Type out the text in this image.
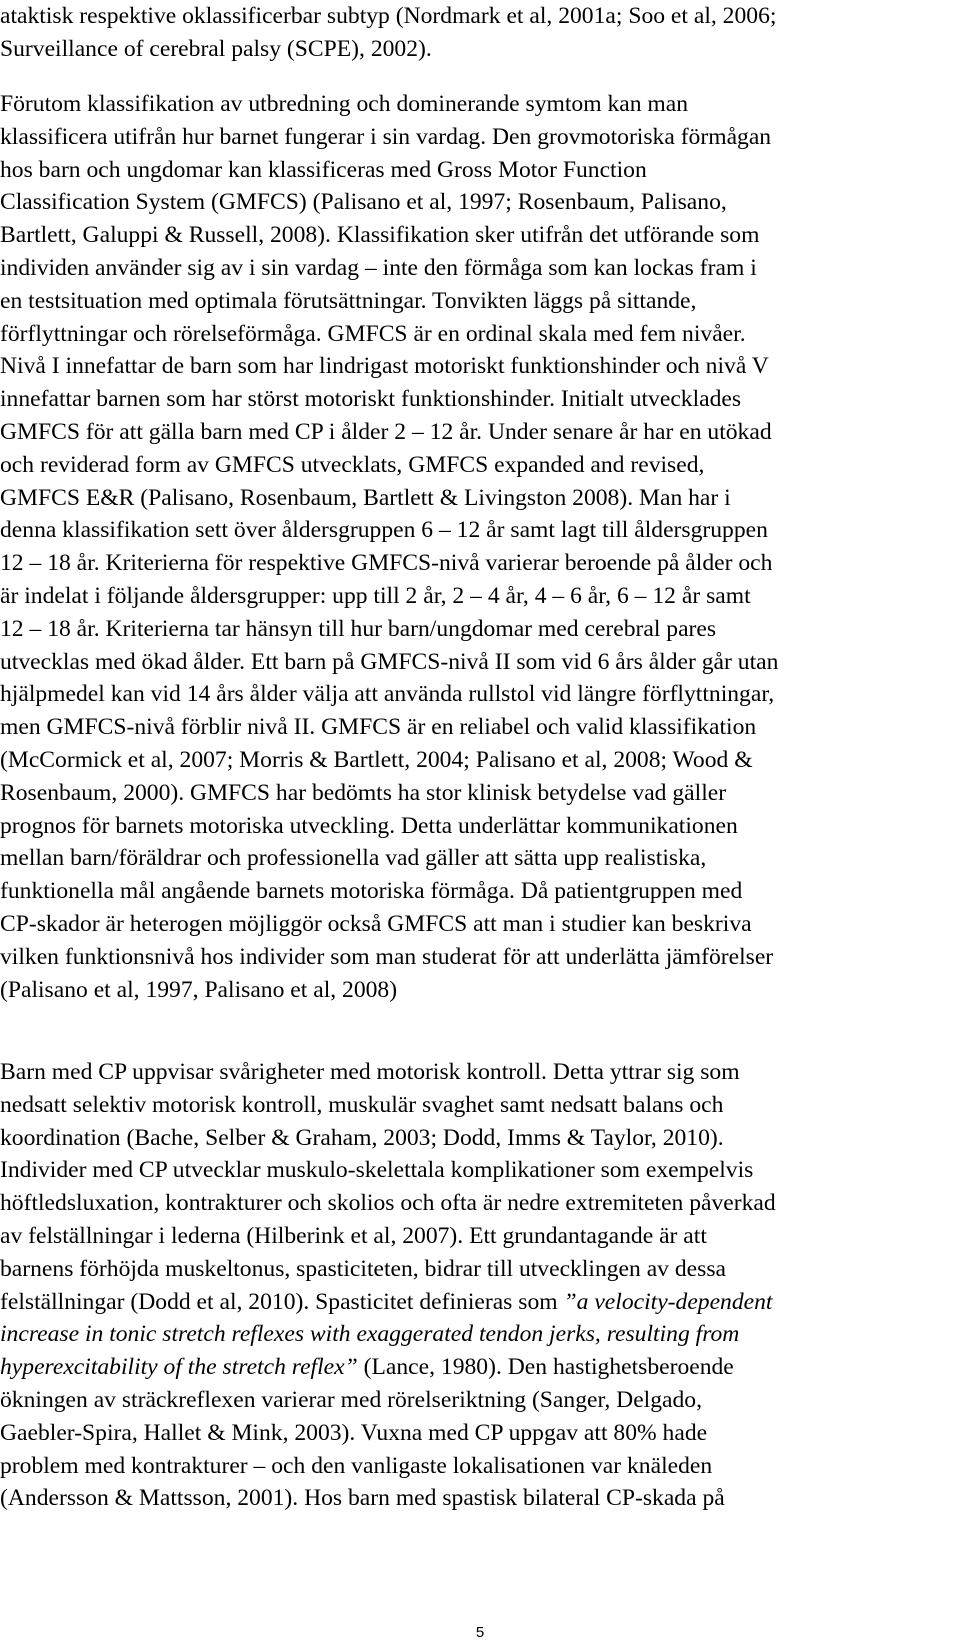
ataktisk respektive oklassificerbar subtyp (Nordmark et al, 2001a; Soo et al, 2006;
Surveillance of cerebral palsy (SCPE), 2002).
Förutom klassifikation av utbredning och dominerande symtom kan man
klassificera utifrån hur barnet fungerar i sin vardag. Den grovmotoriska förmågan
hos barn och ungdomar kan klassificeras med Gross Motor Function
Classification System (GMFCS) (Palisano et al, 1997; Rosenbaum, Palisano,
Bartlett, Galuppi & Russell, 2008). Klassifikation sker utifrån det utförande som
individen använder sig av i sin vardag – inte den förmåga som kan lockas fram i
en testsituation med optimala förutsättningar. Tonvikten läggs på sittande,
förflyttningar och rörelseförmåga. GMFCS är en ordinal skala med fem nivåer.
Nivå I innefattar de barn som har lindrigast motoriskt funktionshinder och nivå V
innefattar barnen som har störst motoriskt funktionshinder. Initialt utvecklades
GMFCS för att gälla barn med CP i ålder 2 – 12 år. Under senare år har en utökad
och reviderad form av GMFCS utvecklats, GMFCS expanded and revised,
GMFCS E&R (Palisano, Rosenbaum, Bartlett & Livingston 2008). Man har i
denna klassifikation sett över åldersgruppen 6 – 12 år samt lagt till åldersgruppen
12 – 18 år. Kriterierna för respektive GMFCS-nivå varierar beroende på ålder och
är indelat i följande åldersgrupper: upp till 2 år, 2 – 4 år, 4 – 6 år, 6 – 12 år samt
12 – 18 år. Kriterierna tar hänsyn till hur barn/ungdomar med cerebral pares
utvecklas med ökad ålder. Ett barn på GMFCS-nivå II som vid 6 års ålder går utan
hjälpmedel kan vid 14 års ålder välja att använda rullstol vid längre förflyttningar,
men GMFCS-nivå förblir nivå II. GMFCS är en reliabel och valid klassifikation
(McCormick et al, 2007; Morris & Bartlett, 2004; Palisano et al, 2008; Wood &
Rosenbaum, 2000). GMFCS har bedömts ha stor klinisk betydelse vad gäller
prognos för barnets motoriska utveckling. Detta underlättar kommunikationen
mellan barn/föräldrar och professionella vad gäller att sätta upp realistiska,
funktionella mål angående barnets motoriska förmåga. Då patientgruppen med
CP-skador är heterogen möjliggör också GMFCS att man i studier kan beskriva
vilken funktionsnivå hos individer som man studerat för att underlätta jämförelser
(Palisano et al, 1997, Palisano et al, 2008)
Barn med CP uppvisar svårigheter med motorisk kontroll. Detta yttrar sig som
nedsatt selektiv motorisk kontroll, muskulär svaghet samt nedsatt balans och
koordination (Bache, Selber & Graham, 2003; Dodd, Imms & Taylor, 2010).
Individer med CP utvecklar muskulo-skelettala komplikationer som exempelvis
höftledsluxation, kontrakturer och skolios och ofta är nedre extremiteten påverkad
av felställningar i lederna (Hilberink et al, 2007). Ett grundantagande är att
barnens förhöjda muskeltonus, spasticiteten, bidrar till utvecklingen av dessa
felställningar (Dodd et al, 2010). Spasticitet definieras som ”a velocity-dependent
increase in tonic stretch reflexes with exaggerated tendon jerks, resulting from
hyperexcitability of the stretch reflex” (Lance, 1980). Den hastighetsberoende
ökningen av sträckreflexen varierar med rörelseriktning (Sanger, Delgado,
Gaebler-Spira, Hallet & Mink, 2003). Vuxna med CP uppgav att 80% hade
problem med kontrakturer – och den vanligaste lokalisationen var knäleden
(Andersson & Mattsson, 2001). Hos barn med spastisk bilateral CP-skada på
5
